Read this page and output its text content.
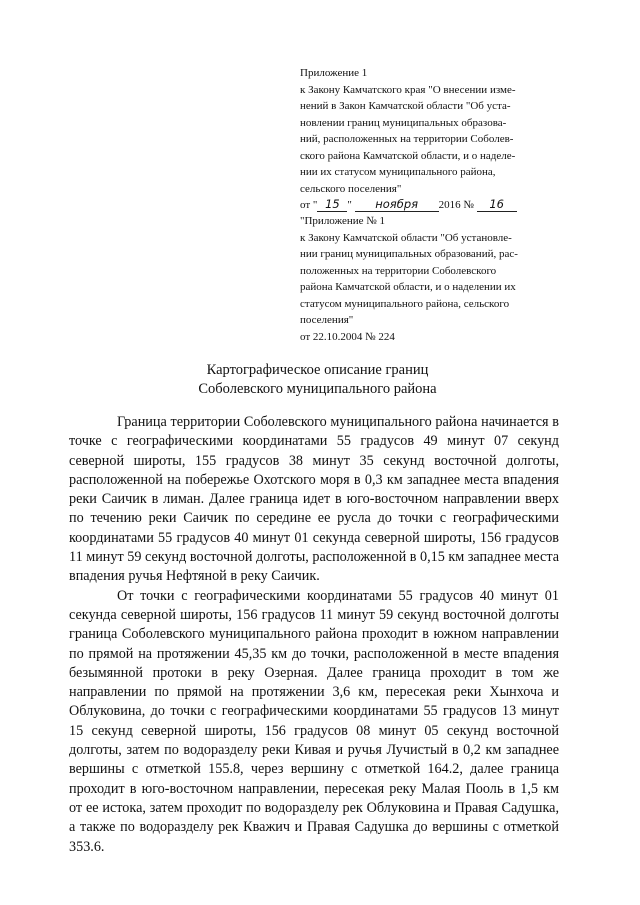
Приложение 1
к Закону Камчатского края "О внесении изме-
нений в Закон Камчатской области "Об уста-
новлении границ муниципальных образова-
ний, расположенных на территории Соболев-
ского района Камчатской области, и о наделе-
нии их статусом муниципального района,
сельского поселения"
от " 15 " ноября 2016 № 16
"Приложение № 1
к Закону Камчатской области "Об установле-
нии границ муниципальных образований, рас-
положенных на территории Соболевского
района Камчатской области, и о наделении их
статусом муниципального района, сельского
поселения"
от 22.10.2004 № 224
Картографическое описание границ
Соболевского муниципального района

Граница территории Соболевского муниципального района начинается в точке с географическими координатами 55 градусов 49 минут 07 секунд северной широты, 155 градусов 38 минут 35 секунд восточной долготы, расположенной на побережье Охотского моря в 0,3 км западнее места впадения реки Саичик в лиман. Далее граница идет в юго-восточном направлении вверх по течению реки Саичик по середине ее русла до точки с географическими координатами 55 градусов 40 минут 01 секунда северной широты, 156 градусов 11 минут 59 секунд восточной долготы, расположенной в 0,15 км западнее места впадения ручья Нефтяной в реку Саичик.

От точки с географическими координатами 55 градусов 40 минут 01 секунда северной широты, 156 градусов 11 минут 59 секунд восточной долготы граница Соболевского муниципального района проходит в южном направлении по прямой на протяжении 45,35 км до точки, расположенной в месте впадения безымянной протоки в реку Озерная. Далее граница проходит в том же направлении по прямой на протяжении 3,6 км, пересекая реки Хынхоча и Облуковина, до точки с географическими координатами 55 градусов 13 минут 15 секунд северной широты, 156 градусов 08 минут 05 секунд восточной долготы, затем по водоразделу реки Кивая и ручья Лучистый в 0,2 км западнее вершины с отметкой 155.8, через вершину с отметкой 164.2, далее граница проходит в юго-восточном направлении, пересекая реку Малая Пооль в 1,5 км от ее истока, затем проходит по водоразделу рек Облуковина и Правая Садушка, а также по водоразделу рек Кважич и Правая Садушка до вершины с отметкой 353.6.
